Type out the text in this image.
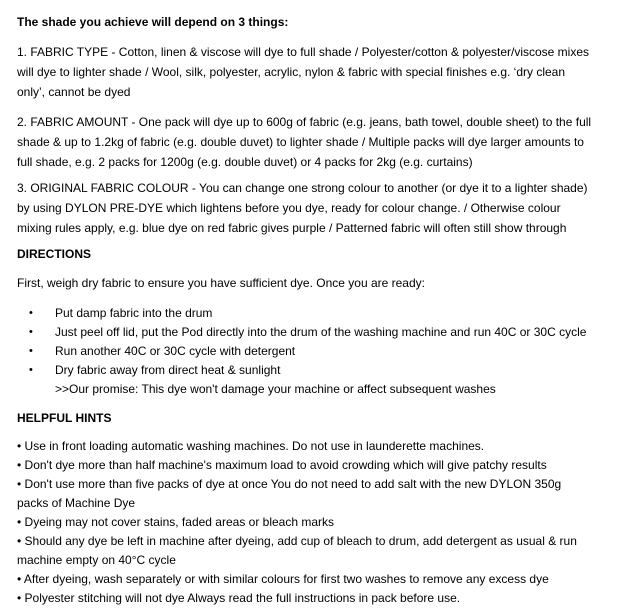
The shade you achieve will depend on 3 things:
1. FABRIC TYPE - Cotton, linen & viscose will dye to full shade / Polyester/cotton & polyester/viscose mixes
will dye to lighter shade / Wool, silk, polyester, acrylic, nylon & fabric with special finishes e.g. ‘dry clean
only’, cannot be dyed
2. FABRIC AMOUNT - One pack will dye up to 600g of fabric (e.g. jeans, bath towel, double sheet) to the full
shade & up to 1.2kg of fabric (e.g. double duvet) to lighter shade / Multiple packs will dye larger amounts to
full shade, e.g. 2 packs for 1200g (e.g. double duvet) or 4 packs for 2kg (e.g. curtains)
3. ORIGINAL FABRIC COLOUR - You can change one strong colour to another (or dye it to a lighter shade)
by using DYLON PRE-DYE which lightens before you dye, ready for colour change. / Otherwise colour
mixing rules apply, e.g. blue dye on red fabric gives purple / Patterned fabric will often still show through
DIRECTIONS
First, weigh dry fabric to ensure you have sufficient dye. Once you are ready:
• Put damp fabric into the drum
• Just peel off lid, put the Pod directly into the drum of the washing machine and run 40C or 30C cycle
• Run another 40C or 30C cycle with detergent
• Dry fabric away from direct heat & sunlight
>>Our promise: This dye won't damage your machine or affect subsequent washes
HELPFUL HINTS
• Use in front loading automatic washing machines. Do not use in launderette machines.
• Don't dye more than half machine's maximum load to avoid crowding which will give patchy results
• Don't use more than five packs of dye at once You do not need to add salt with the new DYLON 350g
packs of Machine Dye
• Dyeing may not cover stains, faded areas or bleach marks
• Should any dye be left in machine after dyeing, add cup of bleach to drum, add detergent as usual & run
machine empty on 40°C cycle
• After dyeing, wash separately or with similar colours for first two washes to remove any excess dye
• Polyester stitching will not dye Always read the full instructions in pack before use.
